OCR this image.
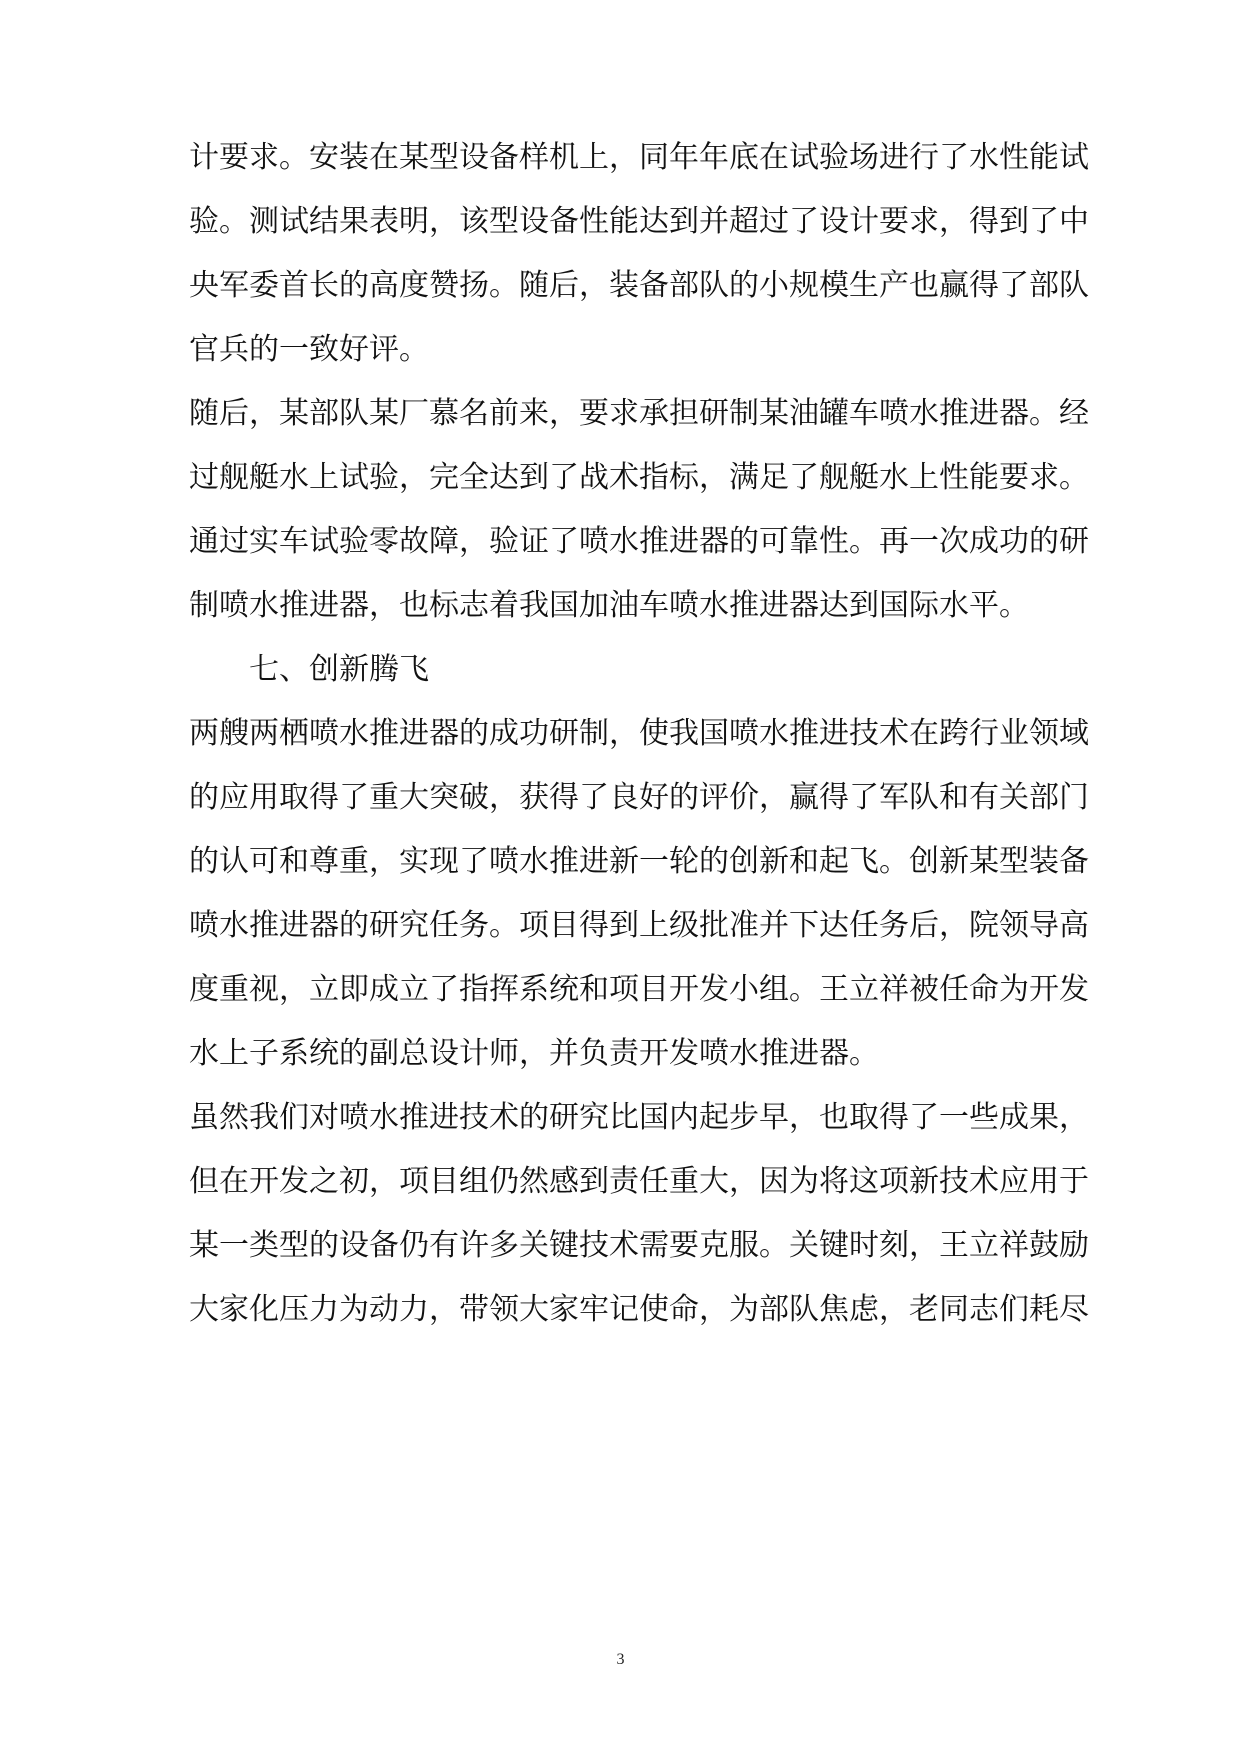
计要求。安装在某型设备样机上，同年年底在试验场进行了水性能试
验。测试结果表明，该型设备性能达到并超过了设计要求，得到了中
央军委首长的高度赞扬。随后，装备部队的小规模生产也赢得了部队
官兵的一致好评。
随后，某部队某厂慕名前来，要求承担研制某油罐车喷水推进器。经
过舰艇水上试验，完全达到了战术指标，满足了舰艇水上性能要求。
通过实车试验零故障，验证了喷水推进器的可靠性。再一次成功的研
制喷水推进器，也标志着我国加油车喷水推进器达到国际水平。
七、创新腾飞
两艘两栖喷水推进器的成功研制，使我国喷水推进技术在跨行业领域
的应用取得了重大突破，获得了良好的评价，赢得了军队和有关部门
的认可和尊重，实现了喷水推进新一轮的创新和起飞。创新某型装备
喷水推进器的研究任务。项目得到上级批准并下达任务后，院领导高
度重视，立即成立了指挥系统和项目开发小组。王立祥被任命为开发
水上子系统的副总设计师，并负责开发喷水推进器。
虽然我们对喷水推进技术的研究比国内起步早，也取得了一些成果，
但在开发之初，项目组仍然感到责任重大，因为将这项新技术应用于
某一类型的设备仍有许多关键技术需要克服。关键时刻，王立祥鼓励
大家化压力为动力，带领大家牢记使命，为部队焦虑，老同志们耗尽
3
